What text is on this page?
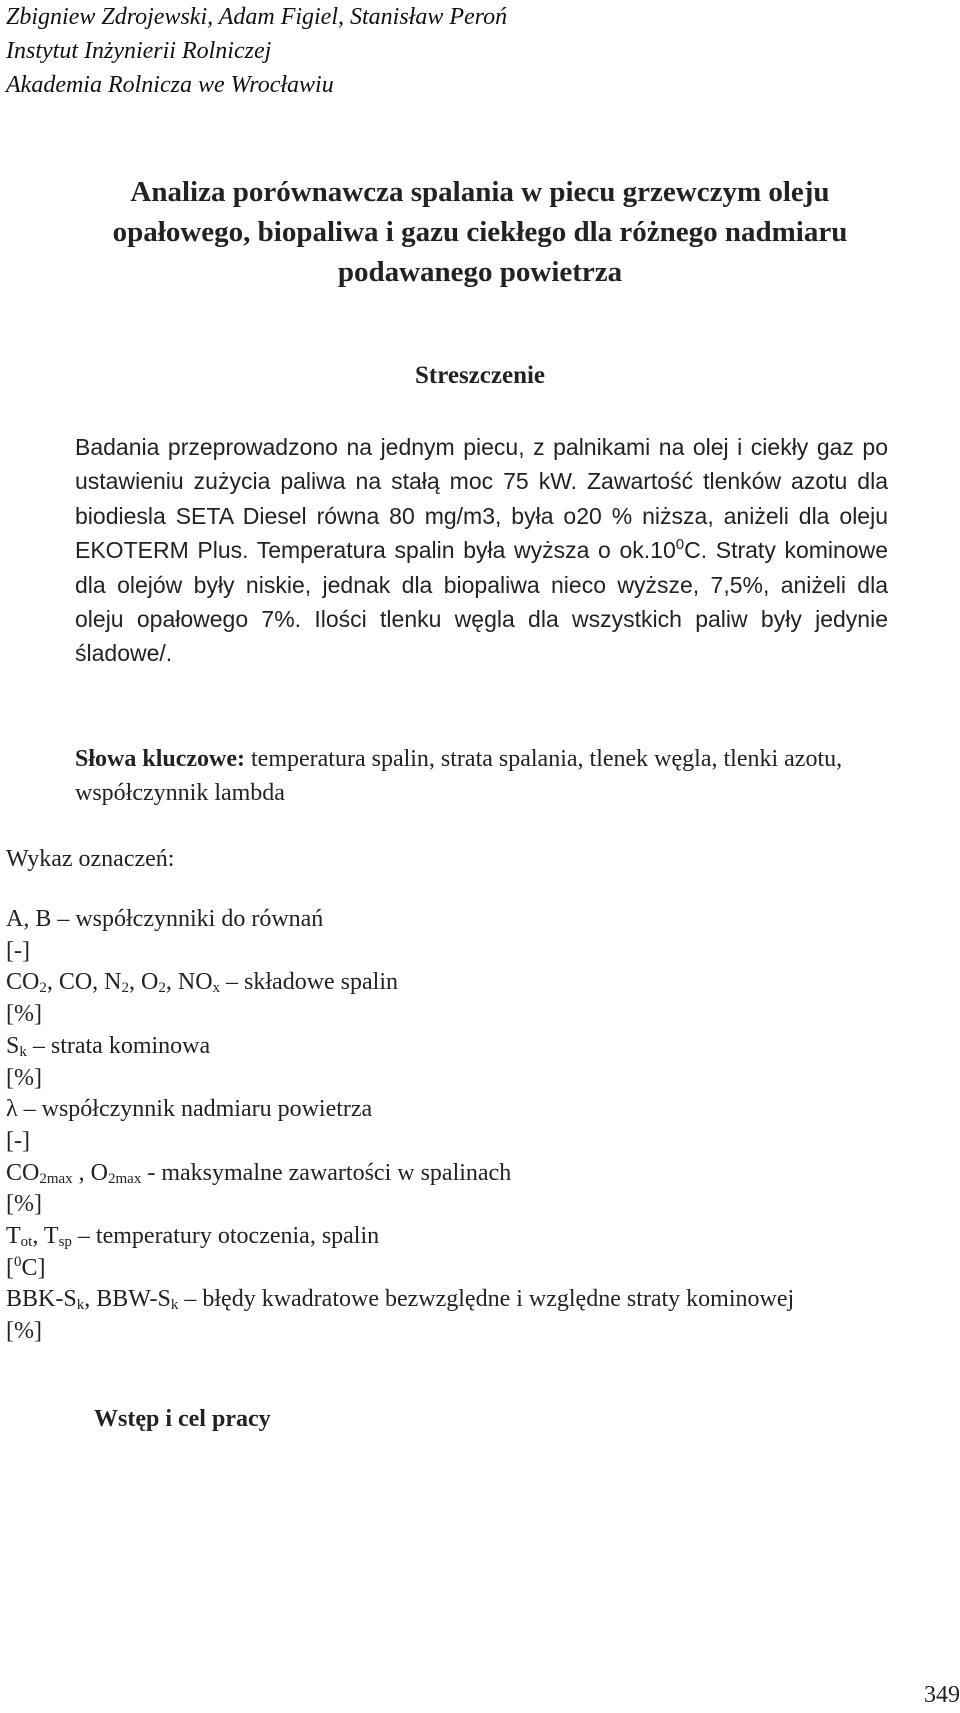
Zbigniew Zdrojewski, Adam Figiel, Stanisław Peroń
Instytut Inżynierii Rolniczej
Akademia Rolnicza we Wrocławiu
Analiza porównawcza spalania w piecu grzewczym oleju
opałowego, biopaliwa i gazu ciekłego dla różnego nadmiaru
podawanego powietrza
Streszczenie
Badania przeprowadzono na jednym piecu, z palnikami na olej i ciekły gaz po ustawieniu zużycia paliwa na stałą moc 75 kW. Zawartość tlenków azotu dla biodiesla SETA Diesel równa 80 mg/m3, była o20 % niższa, aniżeli dla oleju EKOTERM Plus. Temperatura spalin była wyższa o $ok.10^0C$. Straty kominowe dla olejów były niskie, jednak dla biopaliwa nieco wyższe, 7,5%, aniżeli dla oleju opałowego 7%. Ilości tlenku węgla dla wszystkich paliw były jedynie śladowe/.
Słowa kluczowe: temperatura spalin, strata spalania, tlenek węgla, tlenki azotu, współczynnik lambda
Wykaz oznaczeń:
A, B – współczynniki do równań
[-]
$CO_2$, CO, $N_2$, $O_2$, $NO_x$ – składowe spalin
[%]
$S_k$ – strata kominowa
[%]
λ – współczynnik nadmiaru powietrza
[-]
$CO_{2max}$ , $O_{2max}$ - maksymalne zawartości w spalinach
[%]
$T_{ot}$, $T_{sp}$ – temperatury otoczenia, spalin
[$^0$C]
BBK-$S_k$, BBW-$S_k$ – błędy kwadratowe bezwzględne i względne straty kominowej
[%]
Wstęp i cel pracy
349
